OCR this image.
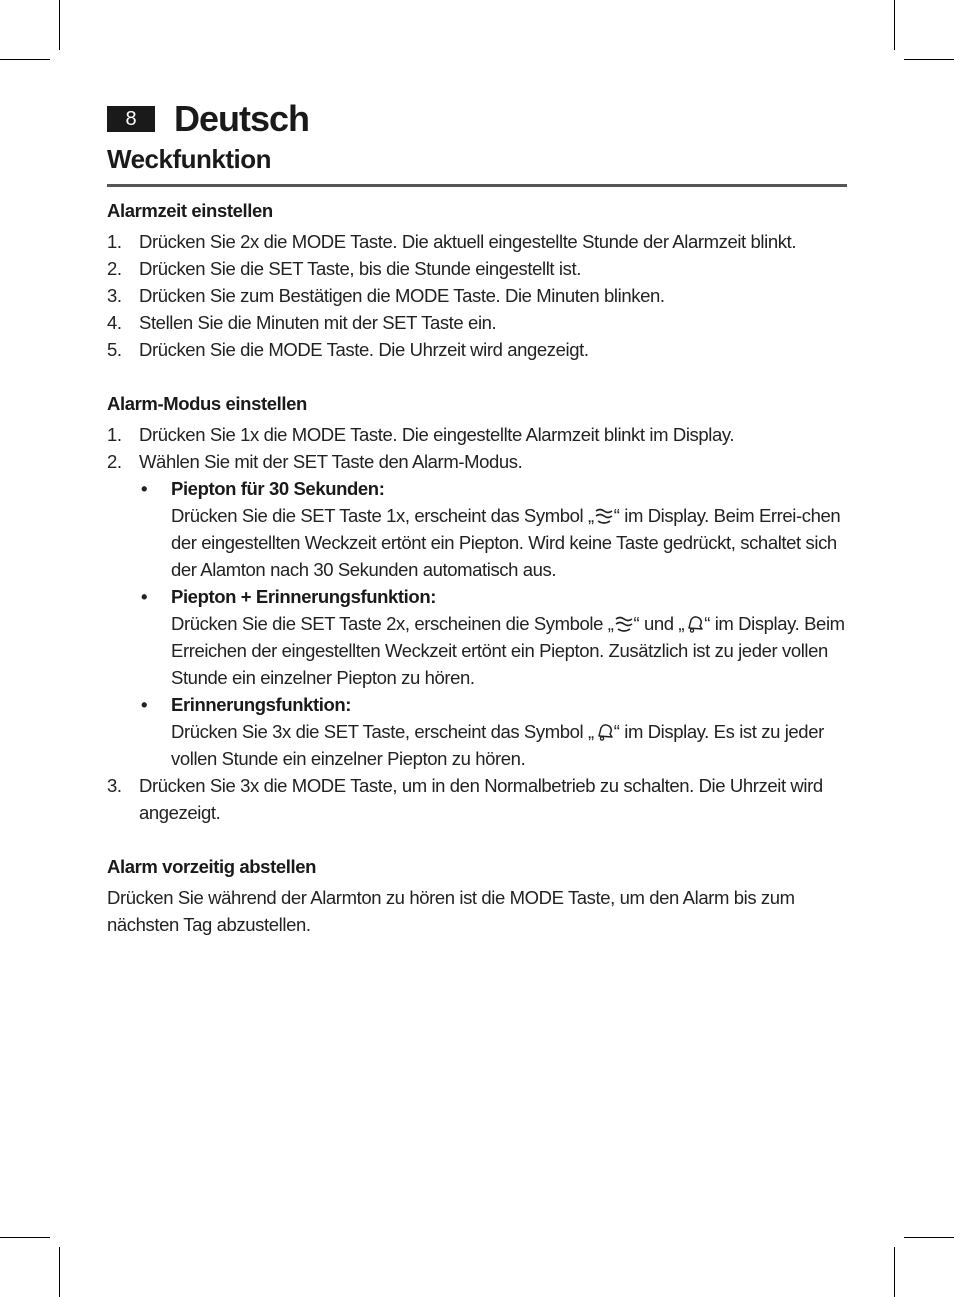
8	Deutsch
Weckfunktion
Alarmzeit einstellen
1. Drücken Sie 2x die MODE Taste. Die aktuell eingestellte Stunde der Alarmzeit blinkt.
2. Drücken Sie die SET Taste, bis die Stunde eingestellt ist.
3. Drücken Sie zum Bestätigen die MODE Taste. Die Minuten blinken.
4. Stellen Sie die Minuten mit der SET Taste ein.
5. Drücken Sie die MODE Taste. Die Uhrzeit wird angezeigt.
Alarm-Modus einstellen
1. Drücken Sie 1x die MODE Taste. Die eingestellte Alarmzeit blinkt im Display.
2. Wählen Sie mit der SET Taste den Alarm-Modus.
• Piepton für 30 Sekunden:
Drücken Sie die SET Taste 1x, erscheint das Symbol „ “ im Display. Beim Errei-chen der eingestellten Weckzeit ertönt ein Piepton. Wird keine Taste gedrückt, schaltet sich der Alamton nach 30 Sekunden automatisch aus.
• Piepton + Erinnerungsfunktion:
Drücken Sie die SET Taste 2x, erscheinen die Symbole „ “ und „ “ im Display. Beim Erreichen der eingestellten Weckzeit ertönt ein Piepton. Zusätzlich ist zu jeder vollen Stunde ein einzelner Piepton zu hören.
• Erinnerungsfunktion:
Drücken Sie 3x die SET Taste, erscheint das Symbol „ “ im Display. Es ist zu jeder vollen Stunde ein einzelner Piepton zu hören.
3. Drücken Sie 3x die MODE Taste, um in den Normalbetrieb zu schalten. Die Uhrzeit wird angezeigt.
Alarm vorzeitig abstellen
Drücken Sie während der Alarmton zu hören ist die MODE Taste, um den Alarm bis zum nächsten Tag abzustellen.
